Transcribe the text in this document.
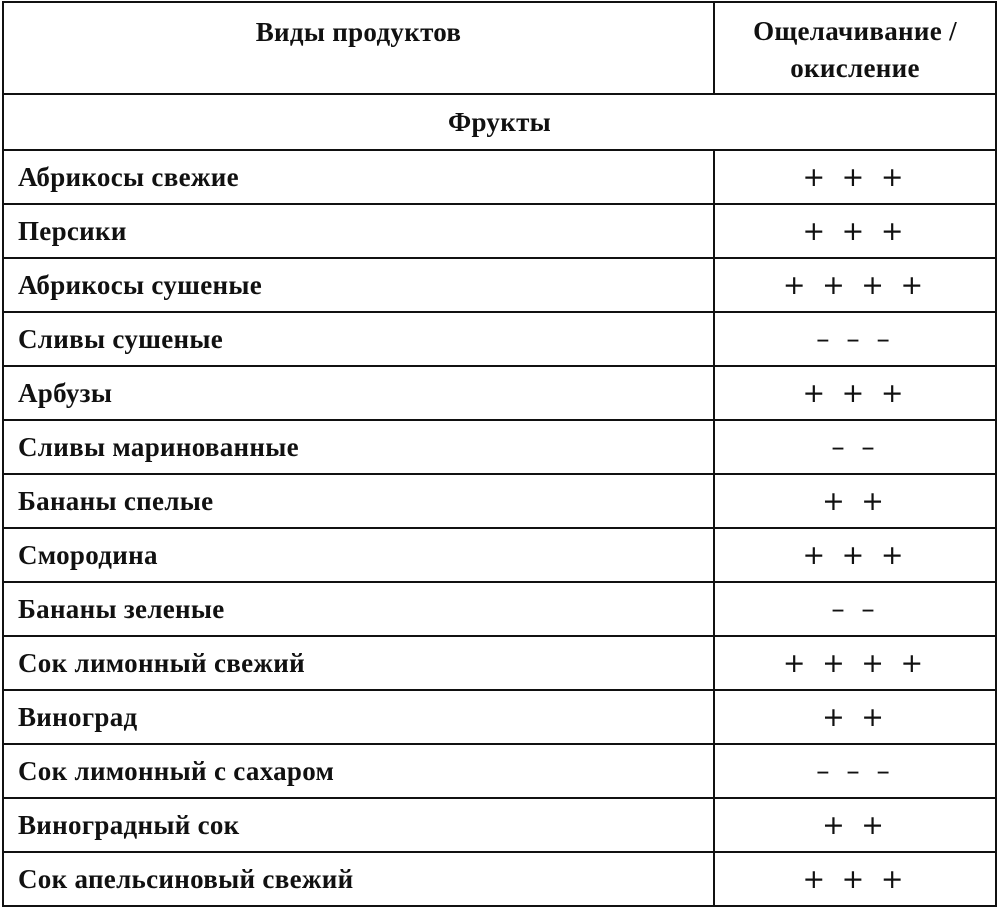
Виды продуктов	Ощелачивание /
окисление
Фрукты	
Абрикосы свежие	+ + +
Персики	+ + +
Абрикосы сушеные	+ + + +
Сливы сушеные	– – –
Арбузы	+ + +
Сливы маринованные	– –
Бананы спелые	+ +
Смородина	+ + +
Бананы зеленые	– –
Сок лимонный свежий	+ + + +
Виноград	+ +
Сок лимонный с сахаром	– – –
Виноградный сок	+ +
Сок апельсиновый свежий	+ + +
